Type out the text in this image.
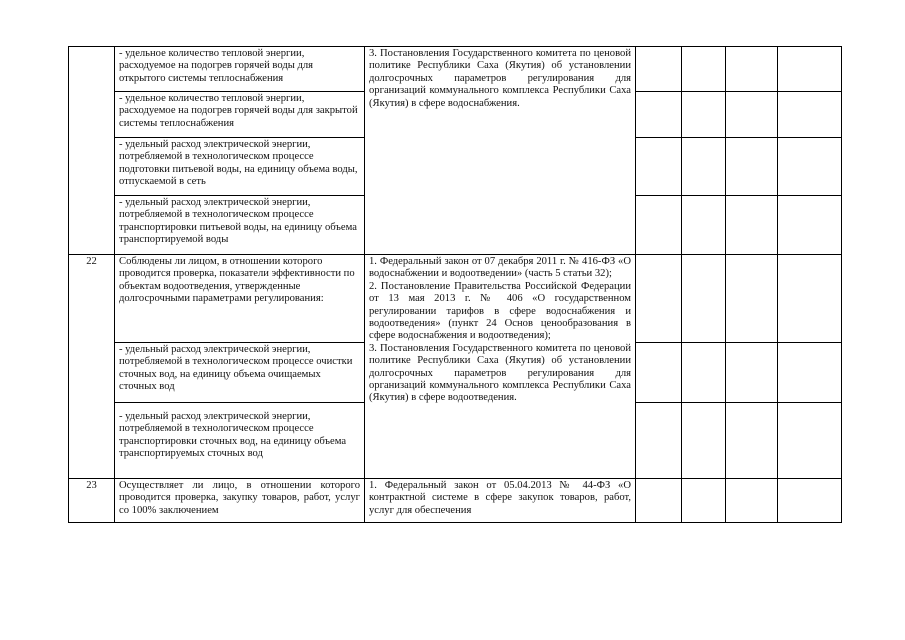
	- удельное количество тепловой энергии, расходуемое на подогрев горячей воды для открытого системы теплоснабжения	3. Постановления Государственного комитета по ценовой политике Республики Саха (Якутия) об установлении долгосрочных параметров регулирования для организаций коммунального комплекса Республики Саха (Якутия) в сфере водоснабжения.				

	- удельное количество тепловой энергии, расходуемое на подогрев горячей воды для закрытой системы теплоснабжения					
	- удельный расход электрической энергии, потребляемой в технологическом процессе подготовки питьевой воды, на единицу объема воды, отпускаемой в сеть					
	- удельный расход электрической энергии, потребляемой в технологическом процессе транспортировки питьевой воды, на единицу объема транспортируемой воды					
22	Соблюдены ли лицом, в отношении которого проводится проверка, показатели эффективности по объектам водоотведения, утвержденные долгосрочными параметрами регулирования:	1. Федеральный закон от 07 декабря 2011 г. № 416-ФЗ «О водоснабжении и водоотведении» (часть 5 статьи 32);
2. Постановление Правительства Российской Федерации от 13 мая 2013 г. № 406 «О государственном регулировании тарифов в сфере водоснабжения и водоотведения» (пункт 24 Основ ценообразования в сфере водоснабжения и водоотведения);
3. Постановления Государственного комитета по ценовой политике Республики Саха (Якутия) об установлении долгосрочных параметров регулирования для организаций коммунального комплекса Республики Саха (Якутия) в сфере водоотведения.				

	- удельный расход электрической энергии, потребляемой в технологическом процессе очистки сточных вод, на единицу объема очищаемых сточных вод					
	- удельный расход электрической энергии, потребляемой в технологическом процессе транспортировки сточных вод, на единицу объема транспортируемых сточных вод					
23	Осуществляет ли лицо, в отношении которого проводится проверка, закупку товаров, работ, услуг со 100% заключением	1. Федеральный закон от 05.04.2013 № 44-ФЗ «О контрактной системе в сфере закупок товаров, работ, услуг для обеспечения				
